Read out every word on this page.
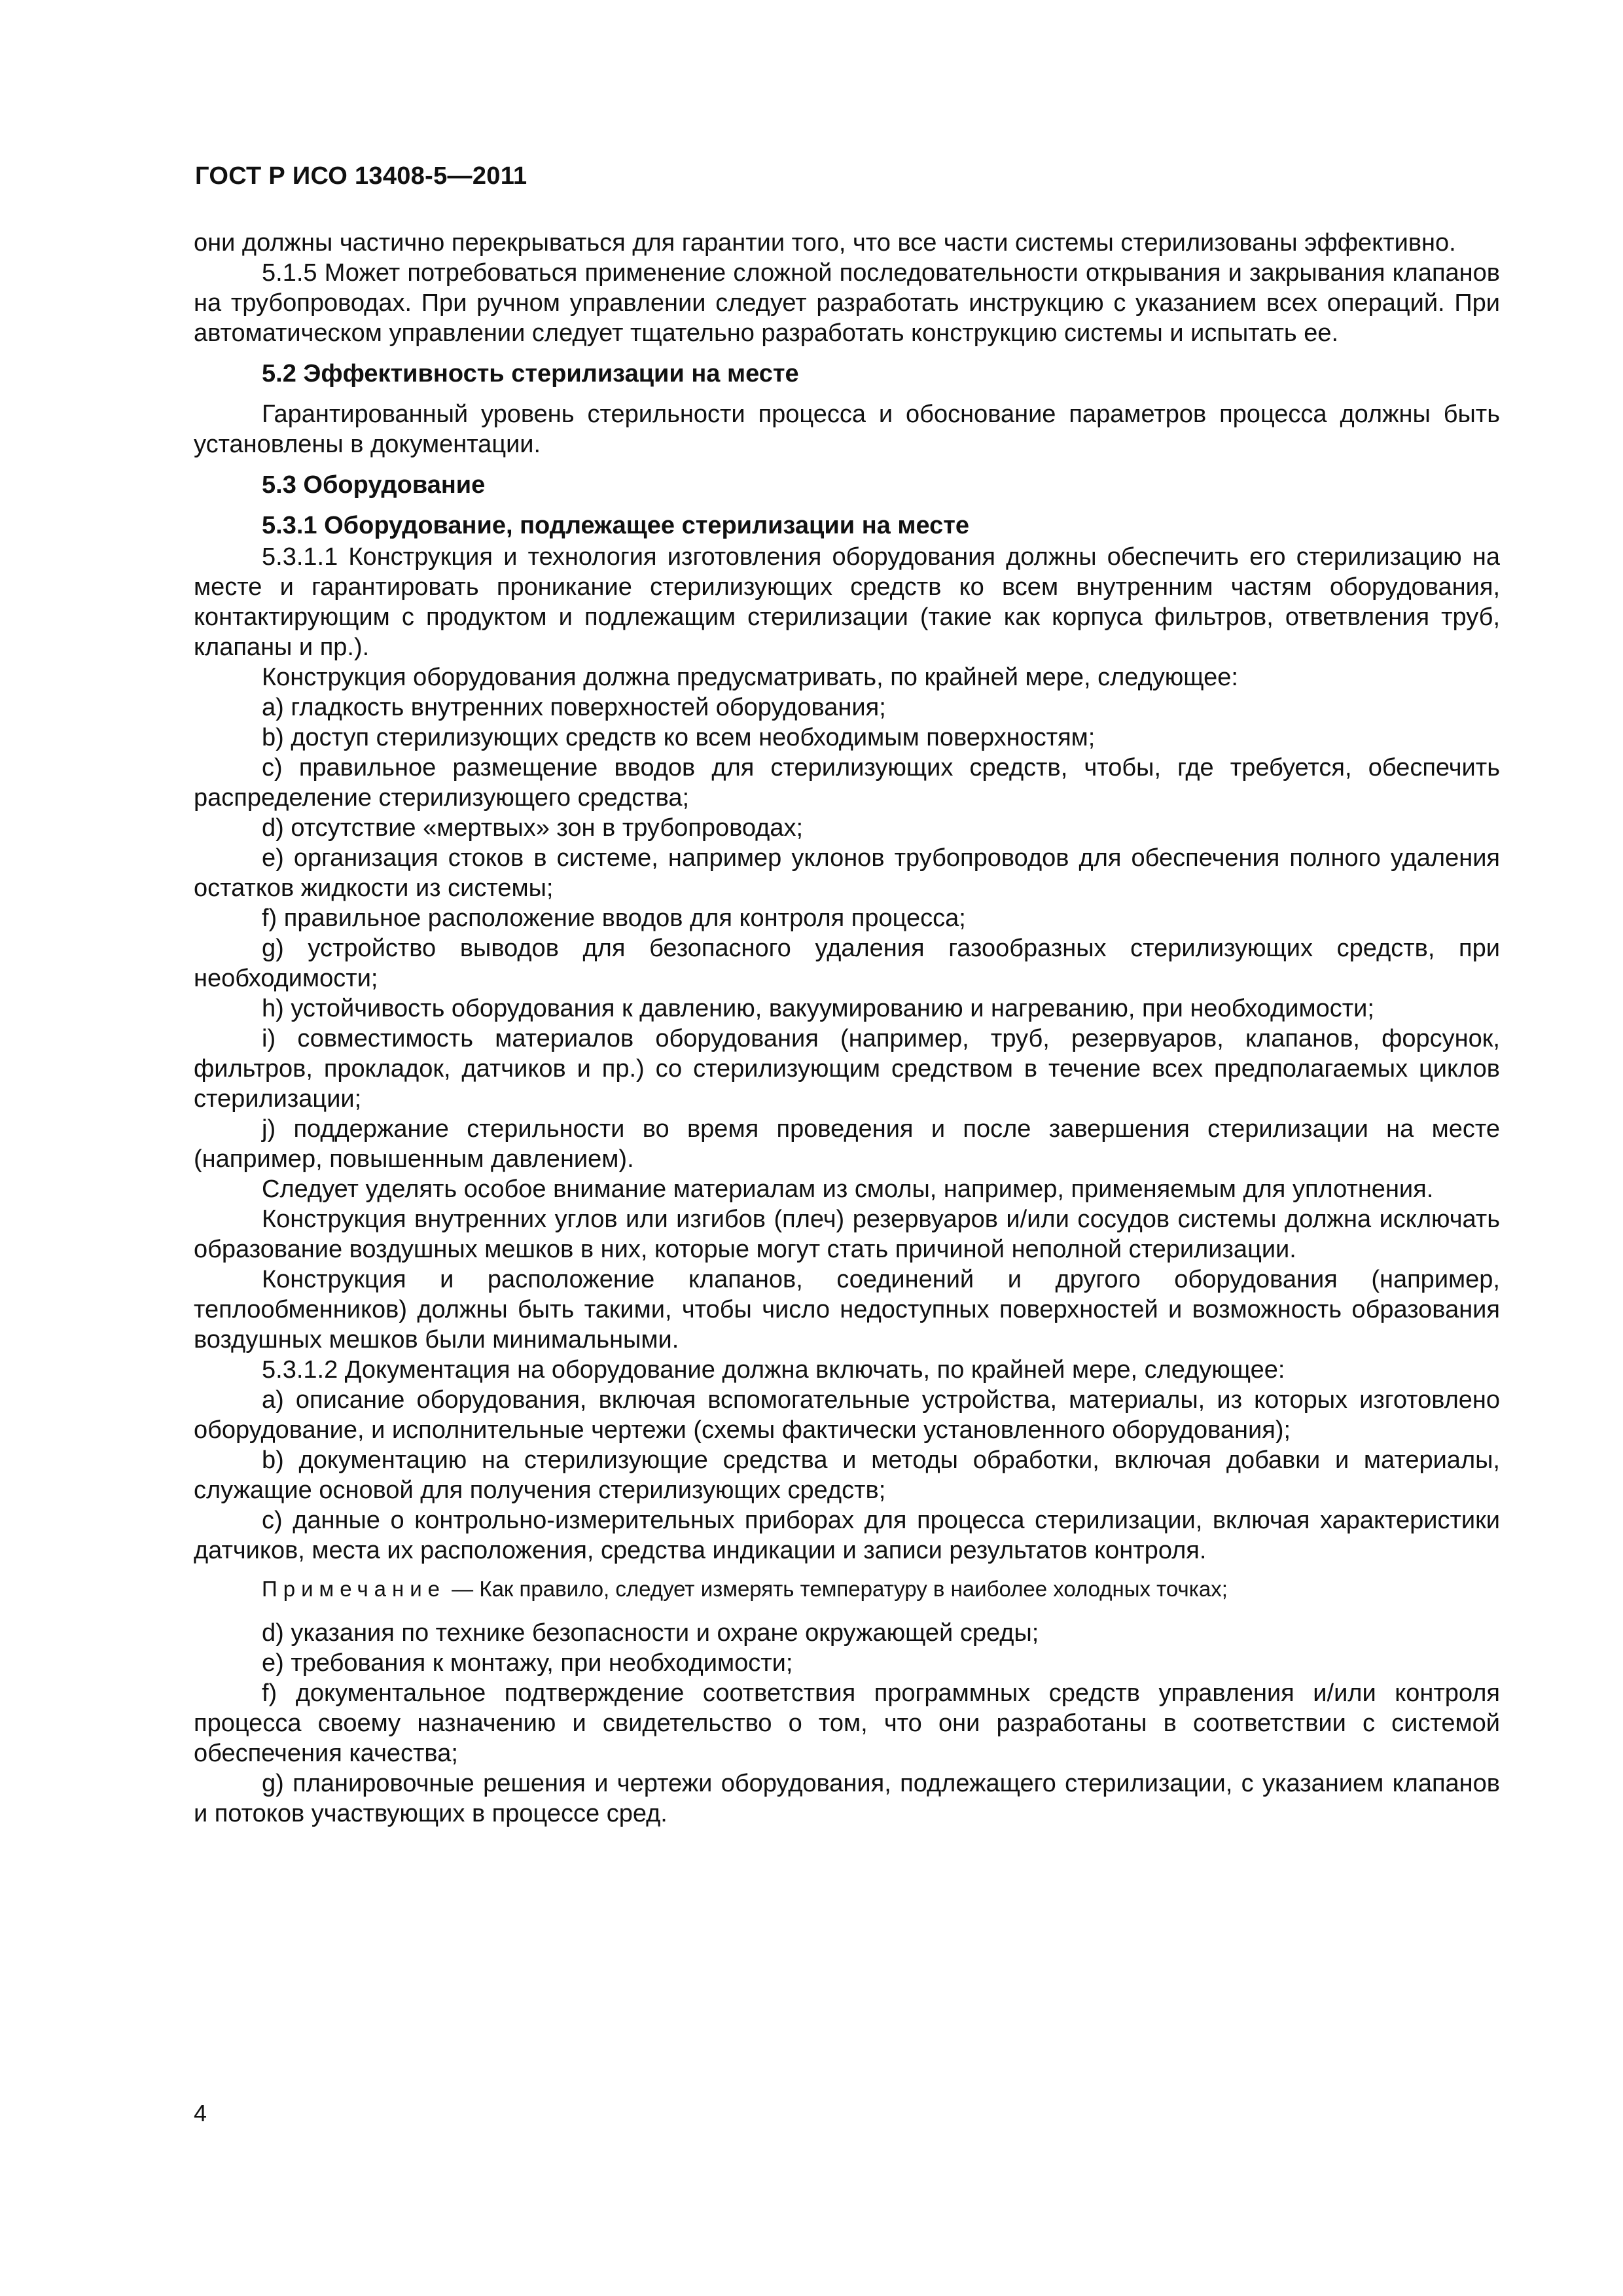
ГОСТ Р ИСО 13408-5—2011

они должны частично перекрываться для гарантии того, что все части системы стерилизованы эффективно.

5.1.5 Может потребоваться применение сложной последовательности открывания и закрывания клапанов на трубопроводах. При ручном управлении следует разработать инструкцию с указанием всех операций. При автоматическом управлении следует тщательно разработать конструкцию системы и испытать ее.

5.2 Эффективность стерилизации на месте

Гарантированный уровень стерильности процесса и обоснование параметров процесса должны быть установлены в документации.

5.3 Оборудование

5.3.1 Оборудование, подлежащее стерилизации на месте

5.3.1.1 Конструкция и технология изготовления оборудования должны обеспечить его стерилизацию на месте и гарантировать проникание стерилизующих средств ко всем внутренним частям оборудования, контактирующим с продуктом и подлежащим стерилизации (такие как корпуса фильтров, ответвления труб, клапаны и пр.).

Конструкция оборудования должна предусматривать, по крайней мере, следующее:

a) гладкость внутренних поверхностей оборудования;

b) доступ стерилизующих средств ко всем необходимым поверхностям;

c) правильное размещение вводов для стерилизующих средств, чтобы, где требуется, обеспечить распределение стерилизующего средства;

d) отсутствие «мертвых» зон в трубопроводах;

e) организация стоков в системе, например уклонов трубопроводов для обеспечения полного удаления остатков жидкости из системы;

f) правильное расположение вводов для контроля процесса;

g) устройство выводов для безопасного удаления газообразных стерилизующих средств, при необходимости;

h) устойчивость оборудования к давлению, вакуумированию и нагреванию, при необходимости;

i) совместимость материалов оборудования (например, труб, резервуаров, клапанов, форсунок, фильтров, прокладок, датчиков и пр.) со стерилизующим средством в течение всех предполагаемых циклов стерилизации;

j) поддержание стерильности во время проведения и после завершения стерилизации на месте (например, повышенным давлением).

Следует уделять особое внимание материалам из смолы, например, применяемым для уплотнения.

Конструкция внутренних углов или изгибов (плеч) резервуаров и/или сосудов системы должна исключать образование воздушных мешков в них, которые могут стать причиной неполной стерилизации.

Конструкция и расположение клапанов, соединений и другого оборудования (например, теплообменников) должны быть такими, чтобы число недоступных поверхностей и возможность образования воздушных мешков были минимальными.

5.3.1.2 Документация на оборудование должна включать, по крайней мере, следующее:

a) описание оборудования, включая вспомогательные устройства, материалы, из которых изготовлено оборудование, и исполнительные чертежи (схемы фактически установленного оборудования);

b) документацию на стерилизующие средства и методы обработки, включая добавки и материалы, служащие основой для получения стерилизующих средств;

c) данные о контрольно-измерительных приборах для процесса стерилизации, включая характеристики датчиков, места их расположения, средства индикации и записи результатов контроля.

Примечание — Как правило, следует измерять температуру в наиболее холодных точках;

d) указания по технике безопасности и охране окружающей среды;

e) требования к монтажу, при необходимости;

f) документальное подтверждение соответствия программных средств управления и/или контроля процесса своему назначению и свидетельство о том, что они разработаны в соответствии с системой обеспечения качества;

g) планировочные решения и чертежи оборудования, подлежащего стерилизации, с указанием клапанов и потоков участвующих в процессе сред.

4
